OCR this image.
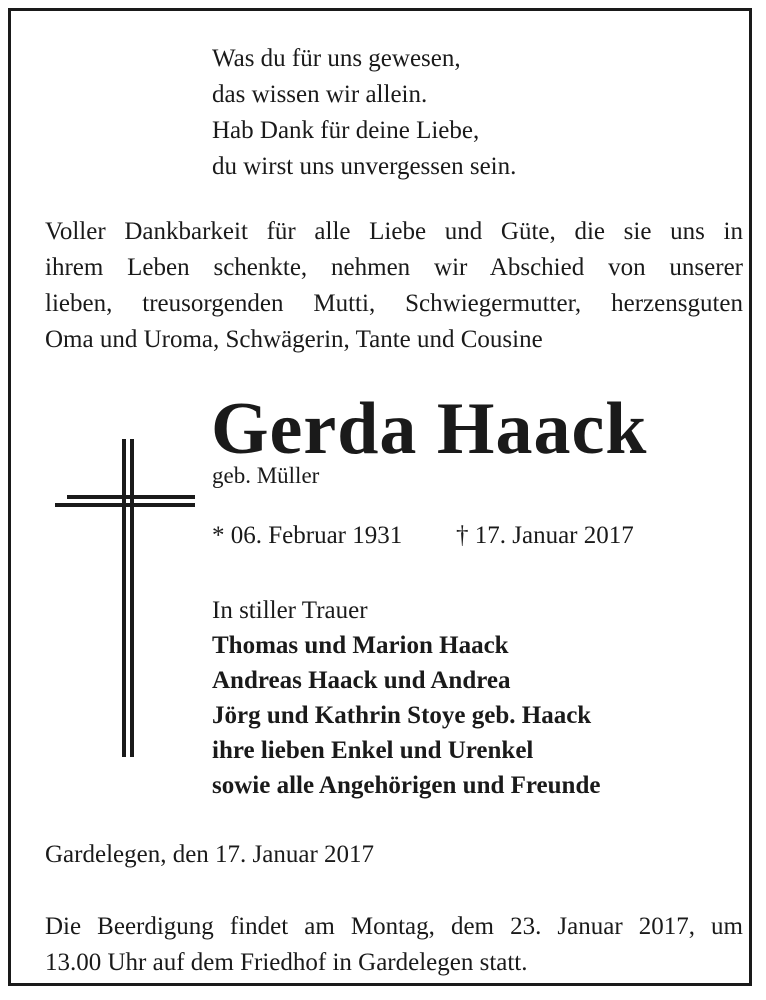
Was du für uns gewesen,
das wissen wir allein.
Hab Dank für deine Liebe,
du wirst uns unvergessen sein.
Voller Dankbarkeit für alle Liebe und Güte, die sie uns in
ihrem Leben schenkte, nehmen wir Abschied von unserer
lieben, treusorgenden Mutti, Schwiegermutter, herzensguten
Oma und Uroma, Schwägerin, Tante und Cousine
Gerda Haack
geb. Müller
* 06. Februar 1931 † 17. Januar 2017
In stiller Trauer
Thomas und Marion Haack
Andreas Haack und Andrea
Jörg und Kathrin Stoye geb. Haack
ihre lieben Enkel und Urenkel
sowie alle Angehörigen und Freunde
Gardelegen, den 17. Januar 2017
Die Beerdigung findet am Montag, dem 23. Januar 2017, um
13.00 Uhr auf dem Friedhof in Gardelegen statt.
